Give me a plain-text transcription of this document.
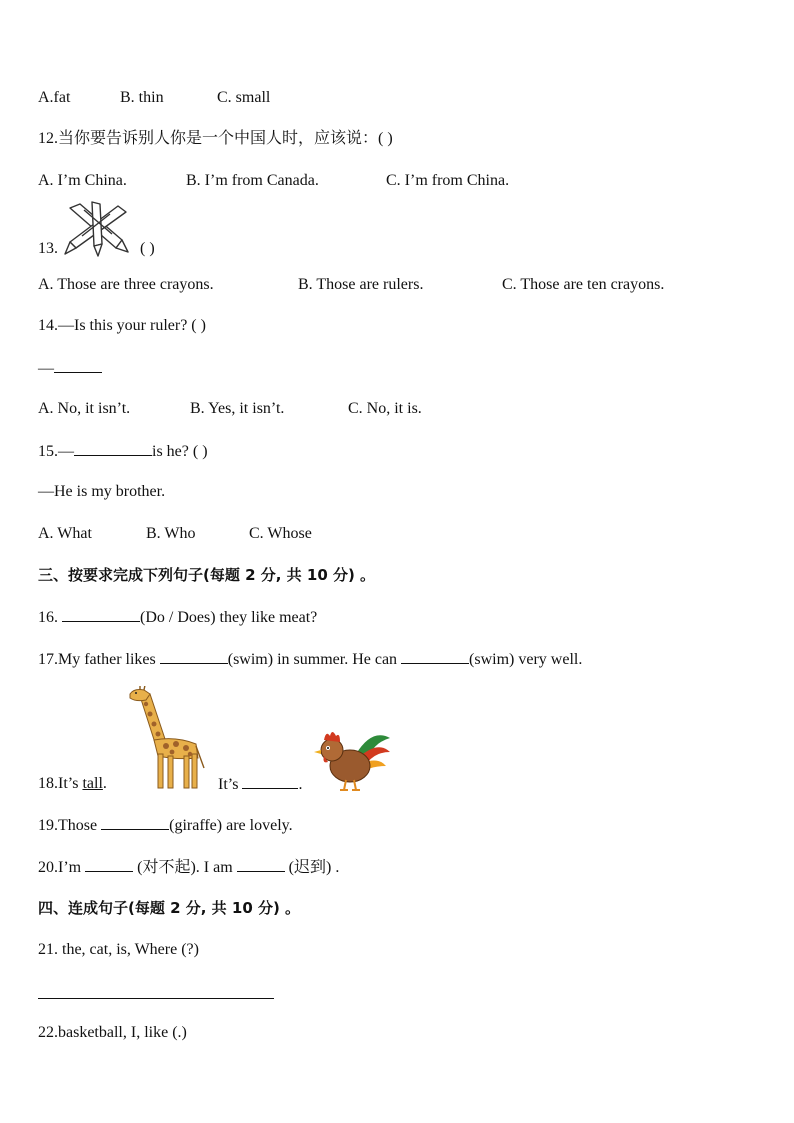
A.fat	B. thin	C. small
12.当你要告诉别人你是一个中国人时，应该说：( )
A. I’m China.	B. I’m from Canada.	C. I’m from China.
13.	( )
A. Those are three crayons.	B. Those are rulers.	C. Those are ten crayons.
14.—Is this your ruler? ( )
—
A. No, it isn’t.	B. Yes, it isn’t.	C. No, it is.
15.—	is he? ( )
—He is my brother.
A. What	B. Who	C. Whose
三、按要求完成下列句子(每题 2 分, 共 10 分) 。
16.	(Do / Does) they like meat?
17.My father likes	(swim) in summer. He can	(swim) very well.
18.It’s tall.	It’s	.
19.Those	(giraffe) are lovely.
20.I’m	(对不起). I am	(迟到) .
四、连成句子(每题 2 分, 共 10 分) 。
21. the, cat, is, Where (?)
22.basketball, I, like (.)
